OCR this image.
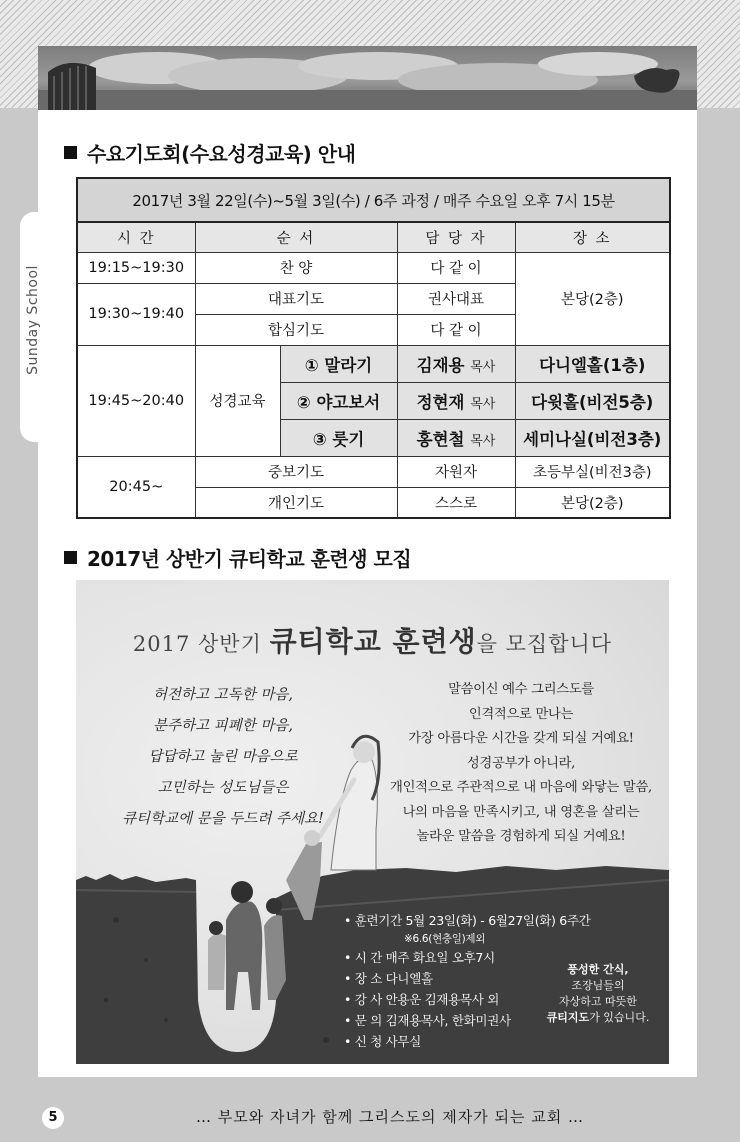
Sunday School
수요기도회(수요성경교육) 안내
2017년 3월 22일(수)~5월 3일(수) / 6주 과정 / 매주 수요일 오후 7시 15분				
시 간	순 서		담 당 자	장 소
19:15~19:30	찬 양		다 같 이	본당(2층)
19:30~19:40	대표기도		권사대표	
	합심기도		다 같 이	
19:45~20:40	성경교육	① 말라기	김재용 목사	다니엘홀(1층)
		② 야고보서	정현재 목사	다윗홀(비전5층)
		③ 룻기	홍현철 목사	세미나실(비전3층)
20:45~	중보기도		자원자	초등부실(비전3층)
	개인기도		스스로	본당(2층)
2017년 상반기 큐티학교 훈련생 모집
2017 상반기 큐티학교 훈련생을 모집합니다
허전하고 고독한 마음,
분주하고 피폐한 마음,
답답하고 눌린 마음으로
고민하는 성도님들은
큐티학교에 문을 두드려 주세요!
말씀이신 예수 그리스도를
인격적으로 만나는
가장 아름다운 시간을 갖게 되실 거예요!
성경공부가 아니라,
개인적으로 주관적으로 내 마음에 와닿는 말씀,
나의 마음을 만족시키고, 내 영혼을 살리는
놀라운 말씀을 경험하게 되실 거예요!
• 훈련기간 5월 23일(화) - 6월27일(화) 6주간
※6.6(현충일)제외
• 시 간 매주 화요일 오후7시
• 장 소 다니엘홀
• 강 사 안용운 김재용목사 외
• 문 의 김재용목사, 한화미권사
• 신 청 사무실
풍성한 간식,
조장님들의
자상하고 따뜻한
큐티지도가 있습니다.
5	… 부모와 자녀가 함께 그리스도의 제자가 되는 교회 …
